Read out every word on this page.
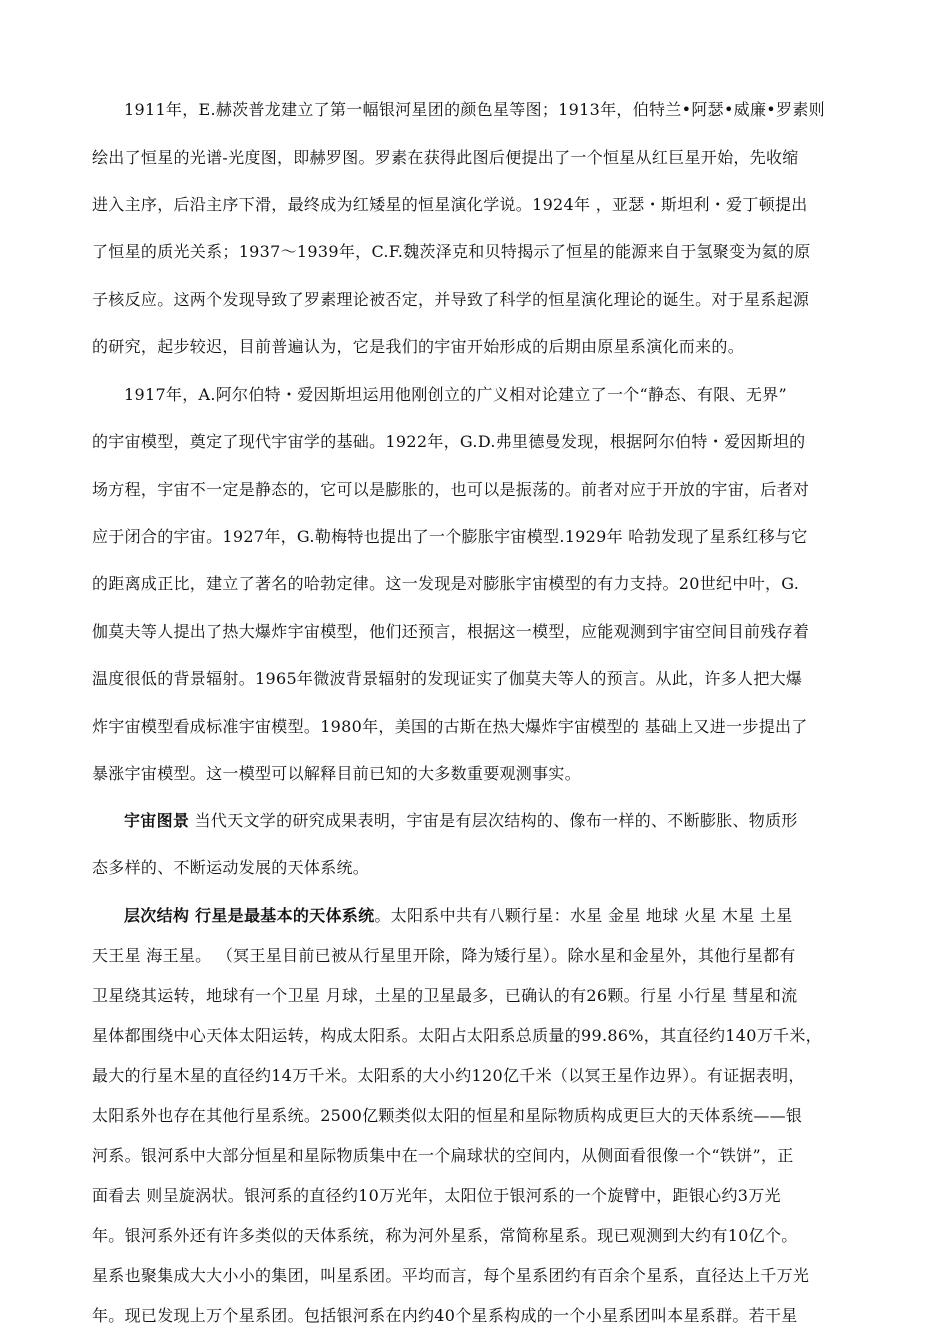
1911年，E.赫茨普龙建立了第一幅银河星团的颜色星等图；1913年，伯特兰•阿瑟•威廉•罗素则
绘出了恒星的光谱-光度图，即赫罗图。罗素在获得此图后便提出了一个恒星从红巨星开始，先收缩
进入主序，后沿主序下滑，最终成为红矮星的恒星演化学说。1924年 ，亚瑟・斯坦利・爱丁顿提出
了恒星的质光关系；1937～1939年，C.F.魏茨泽克和贝特揭示了恒星的能源来自于氢聚变为氦的原
子核反应。这两个发现导致了罗素理论被否定，并导致了科学的恒星演化理论的诞生。对于星系起源
的研究，起步较迟，目前普遍认为，它是我们的宇宙开始形成的后期由原星系演化而来的。
1917年，A.阿尔伯特・爱因斯坦运用他刚创立的广义相对论建立了一个“静态、有限、无界”
的宇宙模型，奠定了现代宇宙学的基础。1922年，G.D.弗里德曼发现，根据阿尔伯特・爱因斯坦的
场方程，宇宙不一定是静态的，它可以是膨胀的，也可以是振荡的。前者对应于开放的宇宙，后者对
应于闭合的宇宙。1927年，G.勒梅特也提出了一个膨胀宇宙模型.1929年 哈勃发现了星系红移与它
的距离成正比，建立了著名的哈勃定律。这一发现是对膨胀宇宙模型的有力支持。20世纪中叶，G.
伽莫夫等人提出了热大爆炸宇宙模型，他们还预言，根据这一模型，应能观测到宇宙空间目前残存着
温度很低的背景辐射。1965年微波背景辐射的发现证实了伽莫夫等人的预言。从此，许多人把大爆
炸宇宙模型看成标准宇宙模型。1980年，美国的古斯在热大爆炸宇宙模型的 基础上又进一步提出了
暴涨宇宙模型。这一模型可以解释目前已知的大多数重要观测事实。
宇宙图景 当代天文学的研究成果表明，宇宙是有层次结构的、像布一样的、不断膨胀、物质形
态多样的、不断运动发展的天体系统。
层次结构 行星是最基本的天体系统。太阳系中共有八颗行星：水星 金星 地球 火星 木星 土星
天王星 海王星。 （冥王星目前已被从行星里开除，降为矮行星）。除水星和金星外，其他行星都有
卫星绕其运转，地球有一个卫星 月球，土星的卫星最多，已确认的有26颗。行星 小行星 彗星和流
星体都围绕中心天体太阳运转，构成太阳系。太阳占太阳系总质量的99.86%，其直径约140万千米，
最大的行星木星的直径约14万千米。太阳系的大小约120亿千米（以冥王星作边界）。有证据表明，
太阳系外也存在其他行星系统。2500亿颗类似太阳的恒星和星际物质构成更巨大的天体系统——银
河系。银河系中大部分恒星和星际物质集中在一个扁球状的空间内，从侧面看很像一个“铁饼”，正
面看去 则呈旋涡状。银河系的直径约10万光年，太阳位于银河系的一个旋臂中，距银心约3万光
年。银河系外还有许多类似的天体系统，称为河外星系，常简称星系。现已观测到大约有10亿个。
星系也聚集成大大小小的集团，叫星系团。平均而言，每个星系团约有百余个星系，直径达上千万光
年。现已发现上万个星系团。包括银河系在内约40个星系构成的一个小星系团叫本星系群。若干星
